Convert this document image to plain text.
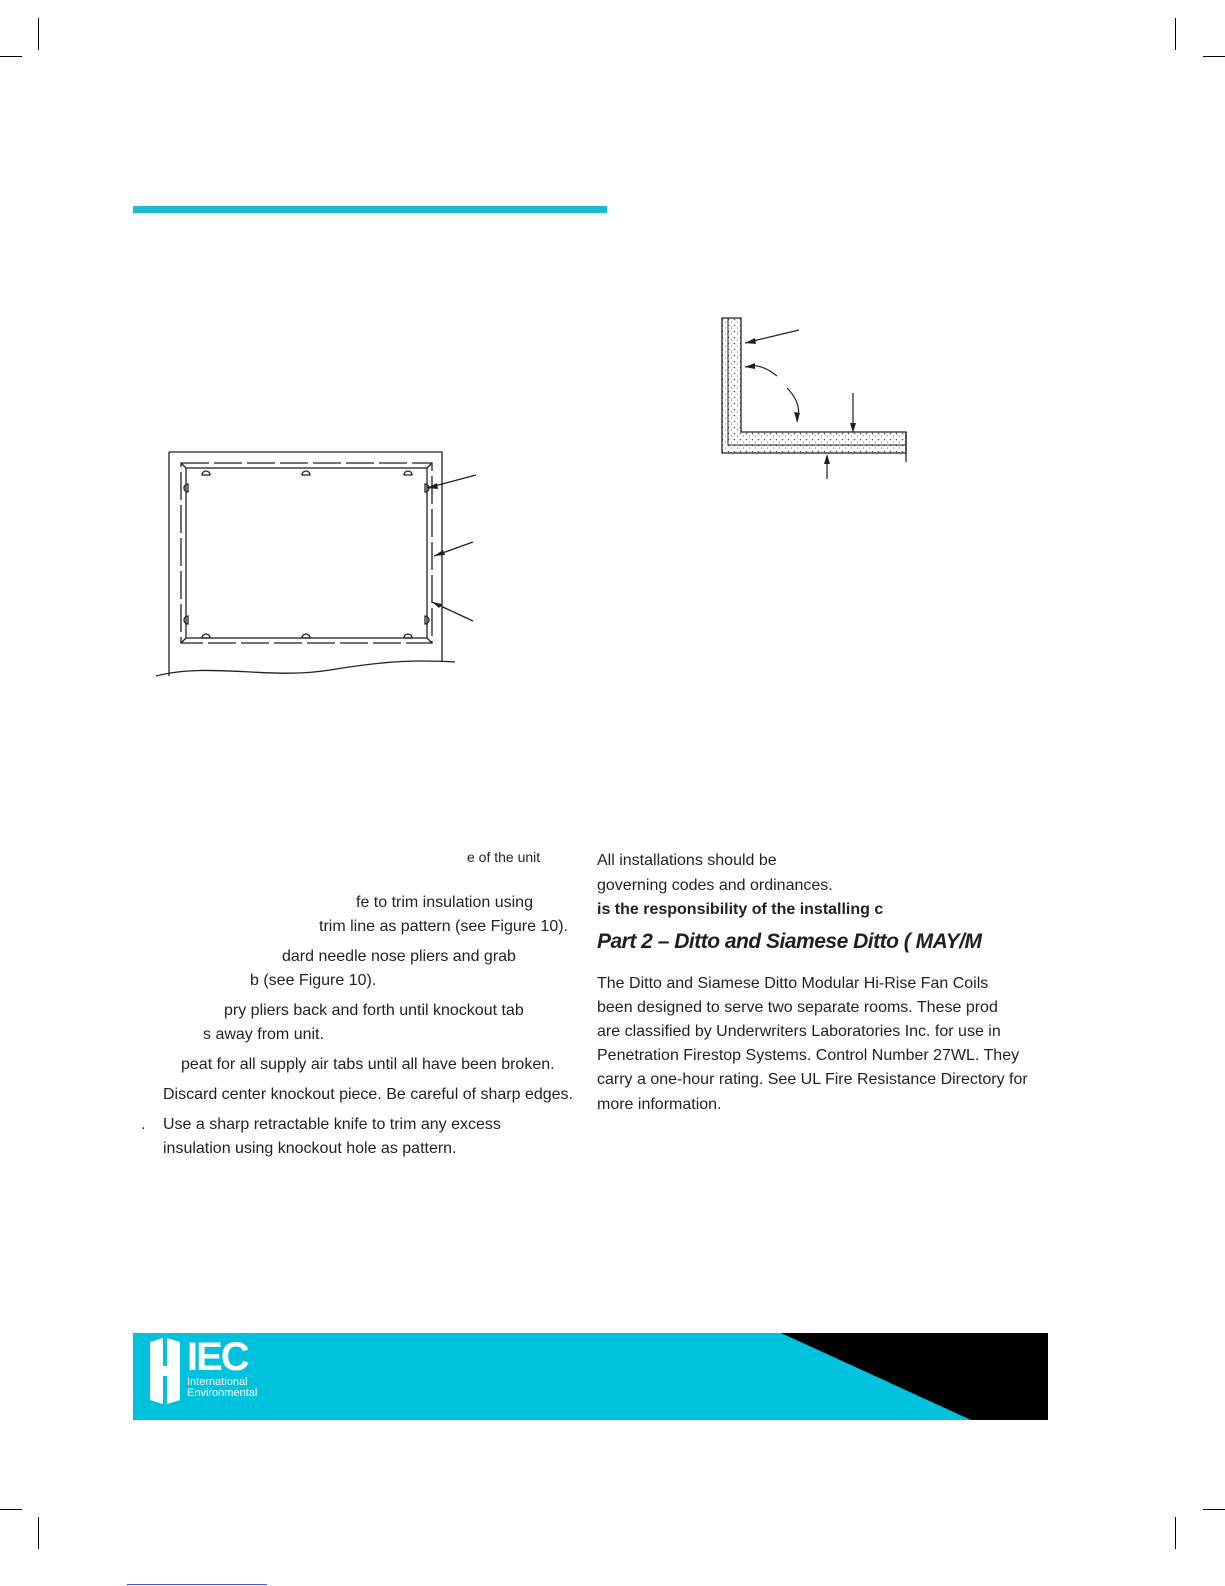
e of the unit
fe to trim insulation using
trim line as pattern (see Figure 10).
dard needle nose pliers and grab
b (see Figure 10).
pry pliers back and forth until knockout tab
s away from unit.
peat for all supply air tabs until all have been broken.
Discard center knockout piece. Be careful of sharp edges.
. Use a sharp retractable knife to trim any excess
insulation using knockout hole as pattern.
All installations should be
governing codes and ordinances.
is the responsibility of the installing c
Part 2 – Ditto and Siamese Ditto ( MAY/M
The Ditto and Siamese Ditto Modular Hi-Rise Fan Coils
been designed to serve two separate rooms. These prod
are classified by Underwriters Laboratories Inc. for use in
Penetration Firestop Systems. Control Number 27WL. They
carry a one-hour rating. See UL Fire Resistance Directory for
more information.
IEC
International
Environmental
